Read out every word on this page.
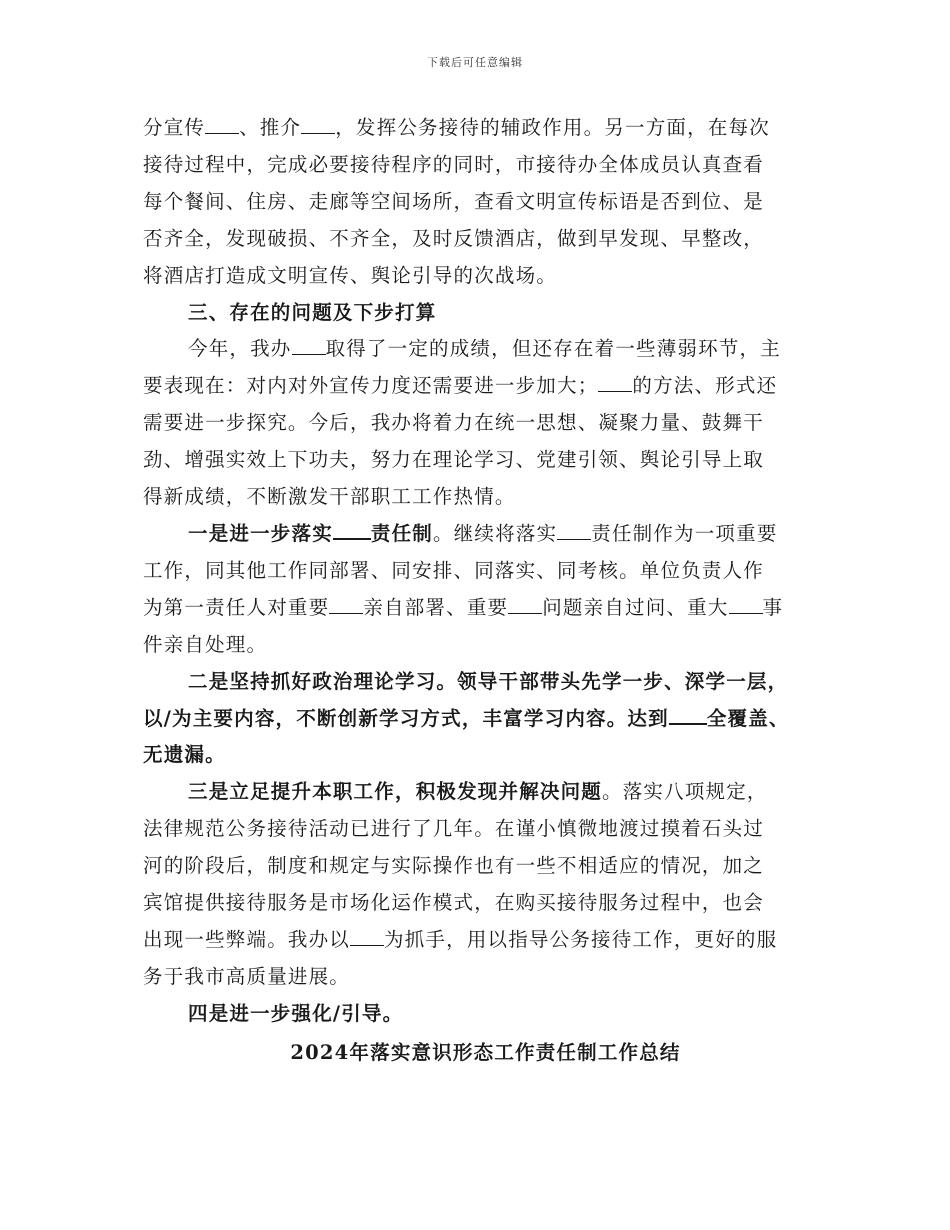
下载后可任意编辑

分宣传 、推介 ，发挥公务接待的辅政作用。另一方面，在每次

接待过程中，完成必要接待程序的同时，市接待办全体成员认真查看

每个餐间、住房、走廊等空间场所，查看文明宣传标语是否到位、是

否齐全，发现破损、不齐全，及时反馈酒店，做到早发现、早整改，

将酒店打造成文明宣传、舆论引导的次战场。

三、存在的问题及下步打算

今年，我办 取得了一定的成绩，但还存在着一些薄弱环节，主

要表现在：对内对外宣传力度还需要进一步加大； 的方法、形式还

需要进一步探究。今后，我办将着力在统一思想、凝聚力量、鼓舞干

劲、增强实效上下功夫，努力在理论学习、党建引领、舆论引导上取

得新成绩，不断激发干部职工工作热情。

一是进一步落实 责任制。继续将落实 责任制作为一项重要

工作，同其他工作同部署、同安排、同落实、同考核。单位负责人作

为第一责任人对重要 亲自部署、重要 问题亲自过问、重大 事

件亲自处理。

二是坚持抓好政治理论学习。领导干部带头先学一步、深学一层，

以/为主要内容，不断创新学习方式，丰富学习内容。达到 全覆盖、

无遗漏。

三是立足提升本职工作，积极发现并解决问题。落实八项规定，

法律规范公务接待活动已进行了几年。在谨小慎微地渡过摸着石头过

河的阶段后，制度和规定与实际操作也有一些不相适应的情况，加之

宾馆提供接待服务是市场化运作模式，在购买接待服务过程中，也会

出现一些弊端。我办以 为抓手，用以指导公务接待工作，更好的服

务于我市高质量进展。

四是进一步强化/引导。

2024年落实意识形态工作责任制工作总结
